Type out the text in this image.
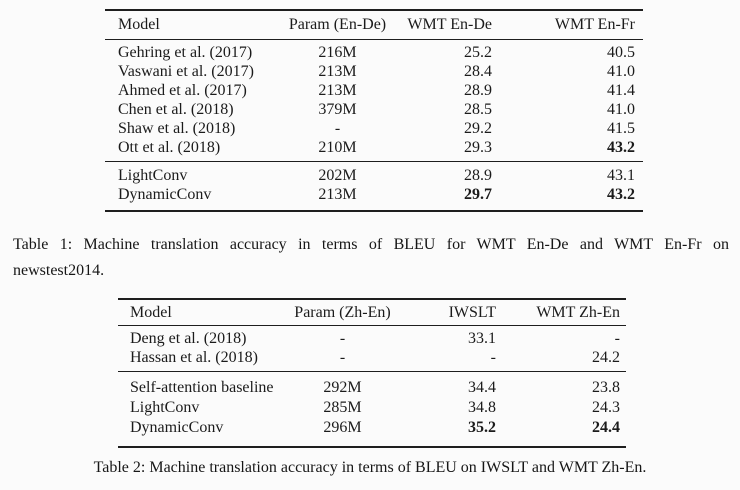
Model	Param (En-De)	WMT En-De	WMT En-Fr
Gehring et al. (2017)	216M	25.2	40.5
Vaswani et al. (2017)	213M	28.4	41.0
Ahmed et al. (2017)	213M	28.9	41.4
Chen et al. (2018)	379M	28.5	41.0
Shaw et al. (2018)	-	29.2	41.5
Ott et al. (2018)	210M	29.3	43.2
LightConv	202M	28.9	43.1
DynamicConv	213M	29.7	43.2
Table 1: Machine translation accuracy in terms of BLEU for WMT En-De and WMT En-Fr on
newstest2014.
Model	Param (Zh-En)	IWSLT	WMT Zh-En
Deng et al. (2018)	-	33.1	-
Hassan et al. (2018)	-	-	24.2
Self-attention baseline	292M	34.4	23.8
LightConv	285M	34.8	24.3
DynamicConv	296M	35.2	24.4
Table 2: Machine translation accuracy in terms of BLEU on IWSLT and WMT Zh-En.
